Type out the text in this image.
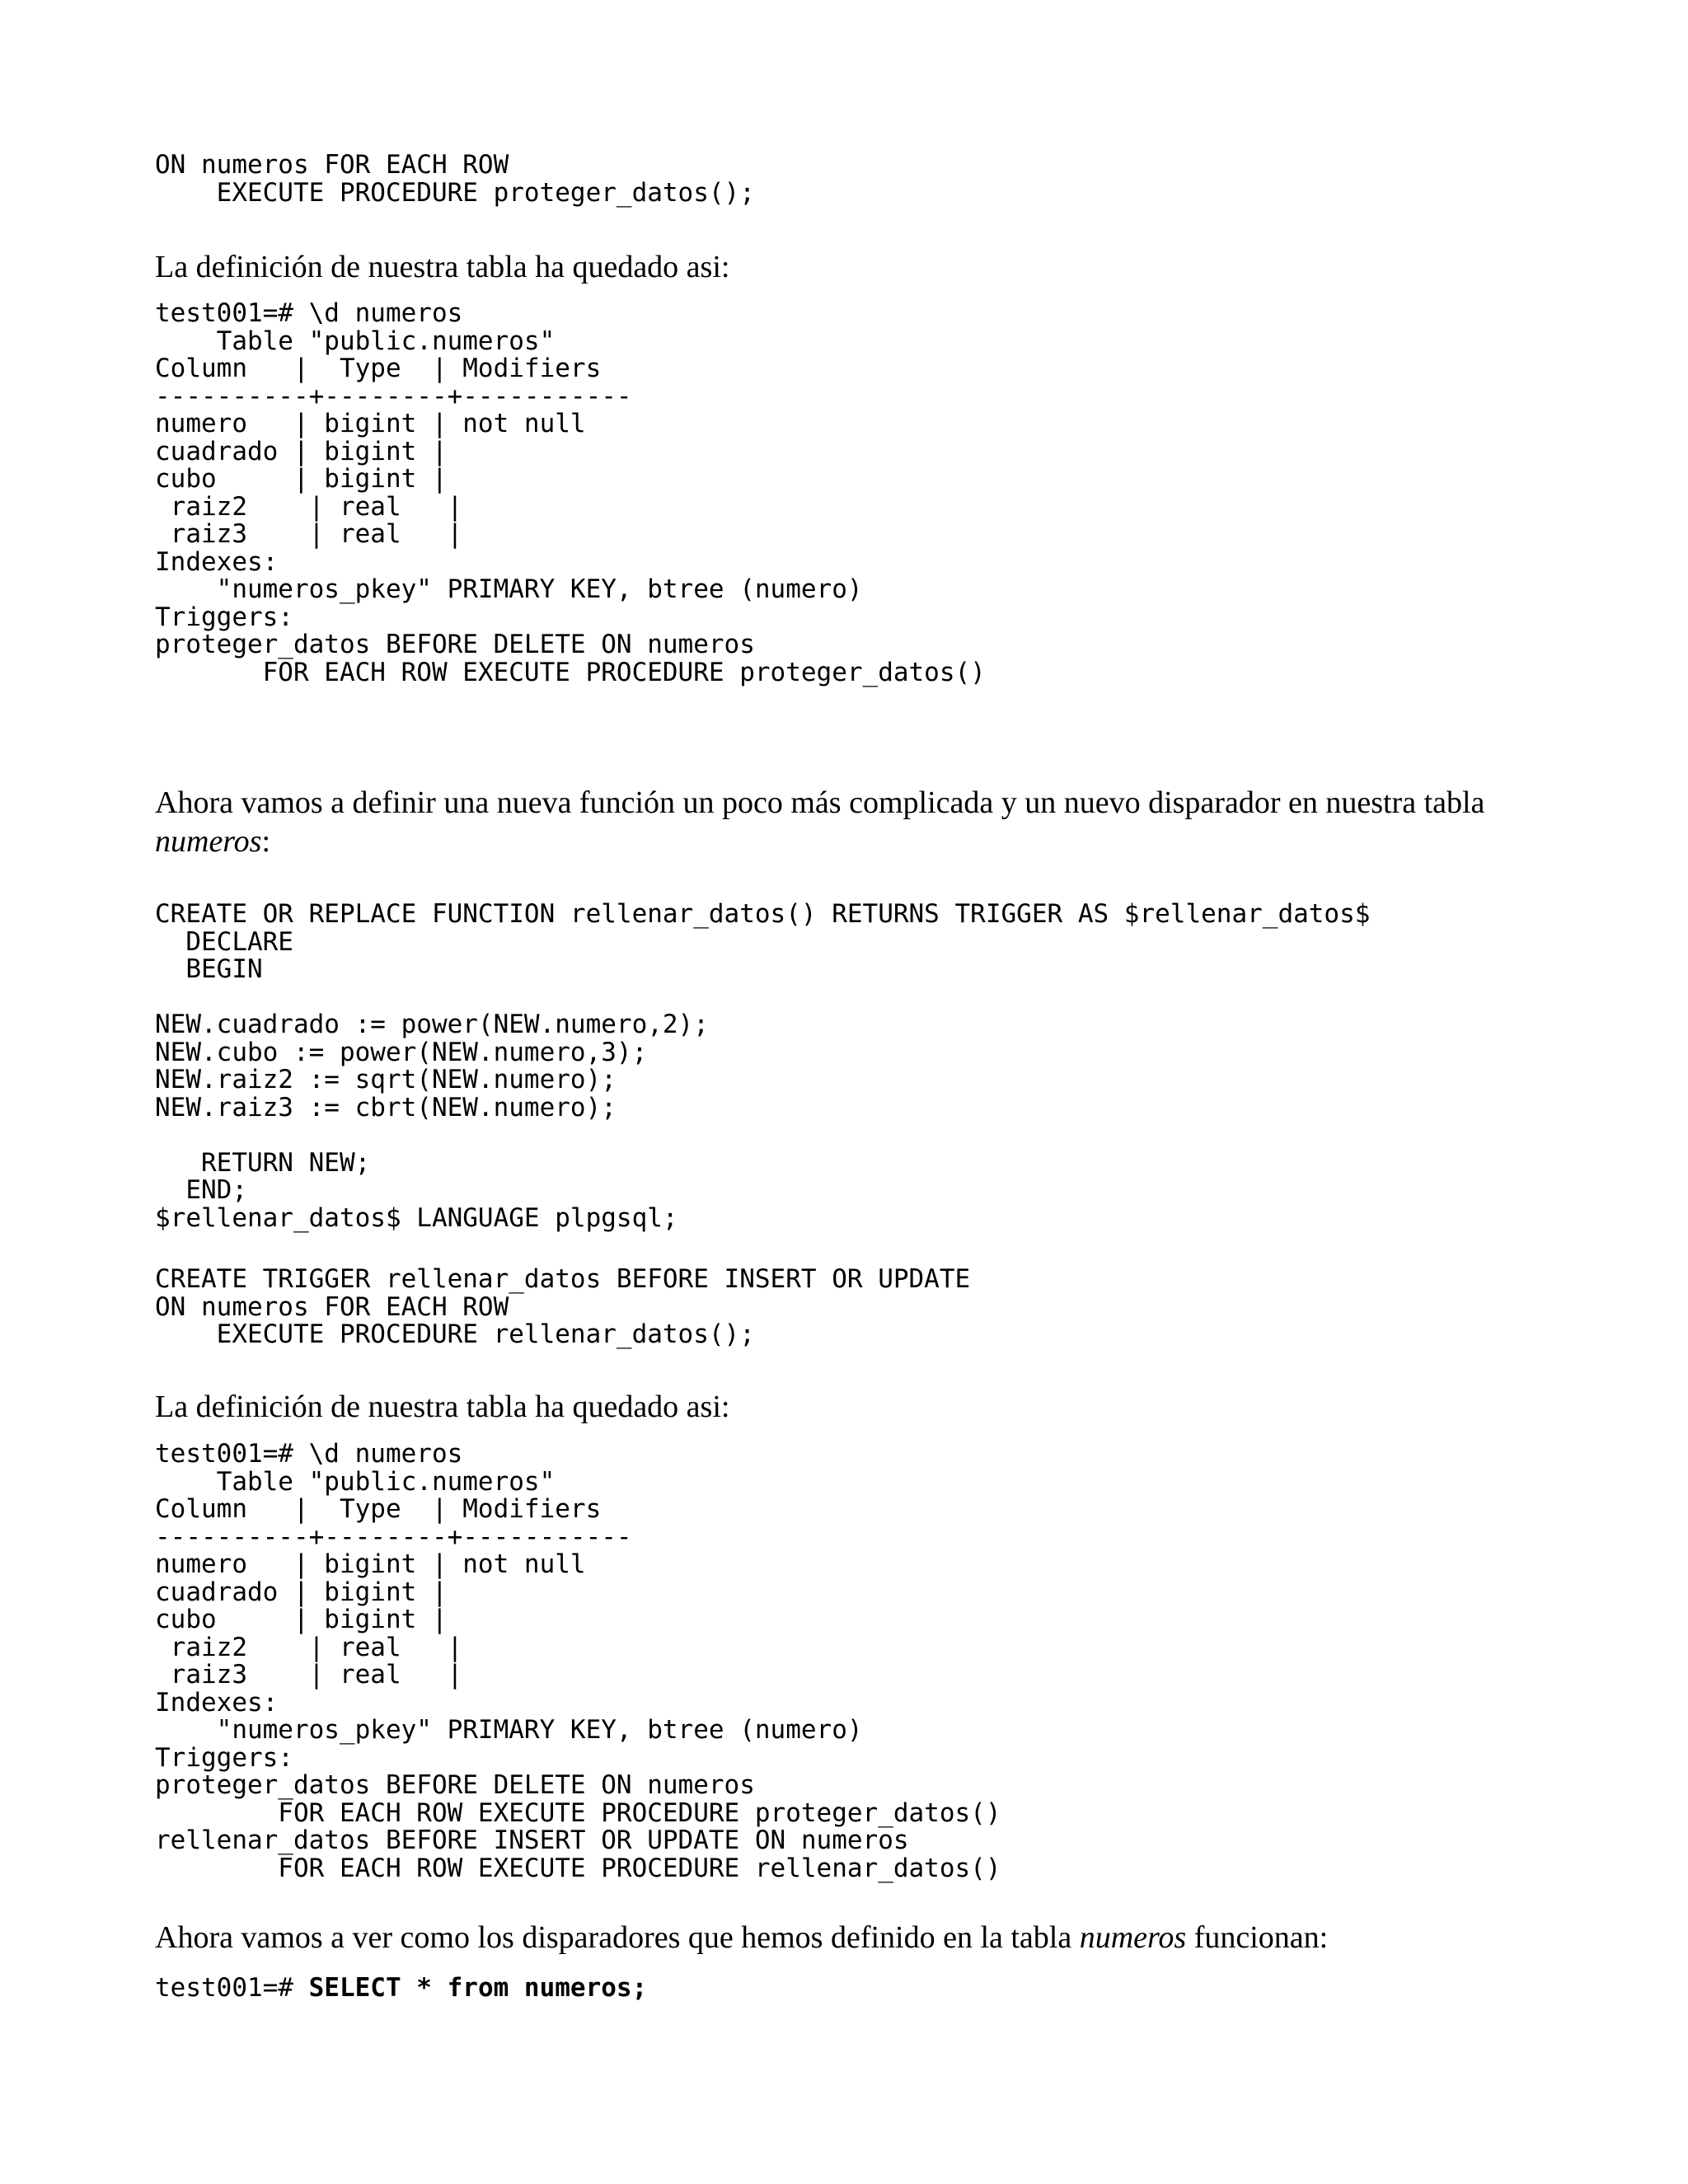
ON numeros FOR EACH ROW
EXECUTE PROCEDURE proteger_datos();

La definición de nuestra tabla ha quedado asi:

test001=# \d numeros
Table "public.numeros"
Column   |  Type  | Modifiers
----------+--------+-----------
numero   | bigint | not null
cuadrado | bigint |
cubo     | bigint |
raiz2    | real   |
raiz3    | real   |
Indexes:
"numeros_pkey" PRIMARY KEY, btree (numero)
Triggers:
proteger_datos BEFORE DELETE ON numeros
FOR EACH ROW EXECUTE PROCEDURE proteger_datos()

Ahora vamos a definir una nueva función un poco más complicada y un nuevo disparador en nuestra tabla numeros:

CREATE OR REPLACE FUNCTION rellenar_datos() RETURNS TRIGGER AS $rellenar_datos$
DECLARE
BEGIN

NEW.cuadrado := power(NEW.numero,2);
NEW.cubo := power(NEW.numero,3);
NEW.raiz2 := sqrt(NEW.numero);
NEW.raiz3 := cbrt(NEW.numero);

RETURN NEW;
END;
$rellenar_datos$ LANGUAGE plpgsql;
CREATE TRIGGER rellenar_datos BEFORE INSERT OR UPDATE
ON numeros FOR EACH ROW
EXECUTE PROCEDURE rellenar_datos();

La definición de nuestra tabla ha quedado asi:

test001=# \d numeros
Table "public.numeros"
Column   |  Type  | Modifiers
----------+--------+-----------
numero   | bigint | not null
cuadrado | bigint |
cubo     | bigint |
raiz2    | real   |
raiz3    | real   |
Indexes:
"numeros_pkey" PRIMARY KEY, btree (numero)
Triggers:
proteger_datos BEFORE DELETE ON numeros
FOR EACH ROW EXECUTE PROCEDURE proteger_datos()
rellenar_datos BEFORE INSERT OR UPDATE ON numeros
FOR EACH ROW EXECUTE PROCEDURE rellenar_datos()

Ahora vamos a ver como los disparadores que hemos definido en la tabla numeros funcionan:

test001=# SELECT * from numeros;
